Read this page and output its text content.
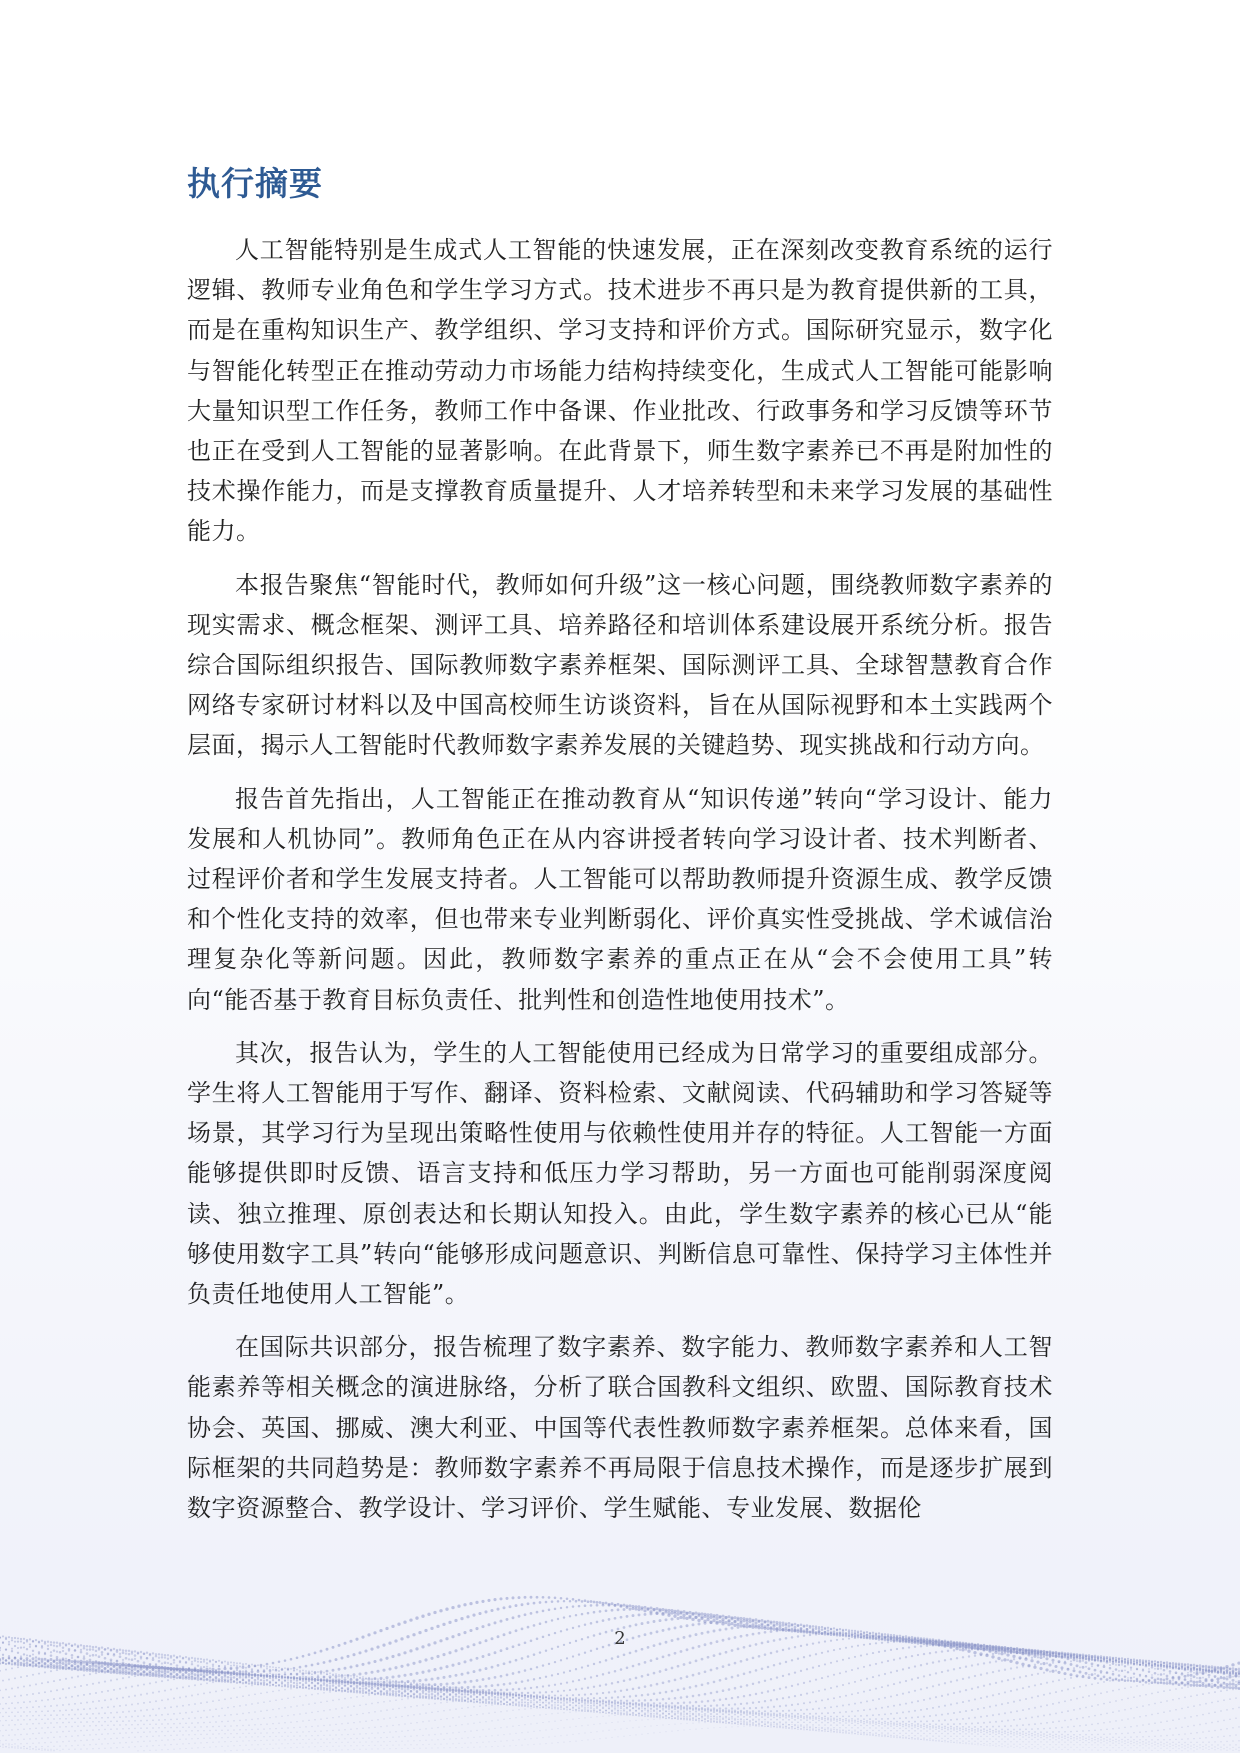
执行摘要

人工智能特别是生成式人工智能的快速发展，正在深刻改变教育系统的运行逻辑、教师专业角色和学生学习方式。技术进步不再只是为教育提供新的工具，而是在重构知识生产、教学组织、学习支持和评价方式。国际研究显示，数字化与智能化转型正在推动劳动力市场能力结构持续变化，生成式人工智能可能影响大量知识型工作任务，教师工作中备课、作业批改、行政事务和学习反馈等环节也正在受到人工智能的显著影响。在此背景下，师生数字素养已不再是附加性的技术操作能力，而是支撑教育质量提升、人才培养转型和未来学习发展的基础性能力。

本报告聚焦“智能时代，教师如何升级”这一核心问题，围绕教师数字素养的现实需求、概念框架、测评工具、培养路径和培训体系建设展开系统分析。报告综合国际组织报告、国际教师数字素养框架、国际测评工具、全球智慧教育合作网络专家研讨材料以及中国高校师生访谈资料，旨在从国际视野和本土实践两个层面，揭示人工智能时代教师数字素养发展的关键趋势、现实挑战和行动方向。

报告首先指出，人工智能正在推动教育从“知识传递”转向“学习设计、能力发展和人机协同”。教师角色正在从内容讲授者转向学习设计者、技术判断者、过程评价者和学生发展支持者。人工智能可以帮助教师提升资源生成、教学反馈和个性化支持的效率，但也带来专业判断弱化、评价真实性受挑战、学术诚信治理复杂化等新问题。因此，教师数字素养的重点正在从“会不会使用工具”转向“能否基于教育目标负责任、批判性和创造性地使用技术”。

其次，报告认为，学生的人工智能使用已经成为日常学习的重要组成部分。学生将人工智能用于写作、翻译、资料检索、文献阅读、代码辅助和学习答疑等场景，其学习行为呈现出策略性使用与依赖性使用并存的特征。人工智能一方面能够提供即时反馈、语言支持和低压力学习帮助，另一方面也可能削弱深度阅读、独立推理、原创表达和长期认知投入。由此，学生数字素养的核心已从“能够使用数字工具”转向“能够形成问题意识、判断信息可靠性、保持学习主体性并负责任地使用人工智能”。

在国际共识部分，报告梳理了数字素养、数字能力、教师数字素养和人工智能素养等相关概念的演进脉络，分析了联合国教科文组织、欧盟、国际教育技术协会、英国、挪威、澳大利亚、中国等代表性教师数字素养框架。总体来看，国际框架的共同趋势是：教师数字素养不再局限于信息技术操作，而是逐步扩展到数字资源整合、教学设计、学习评价、学生赋能、专业发展、数据伦

2
